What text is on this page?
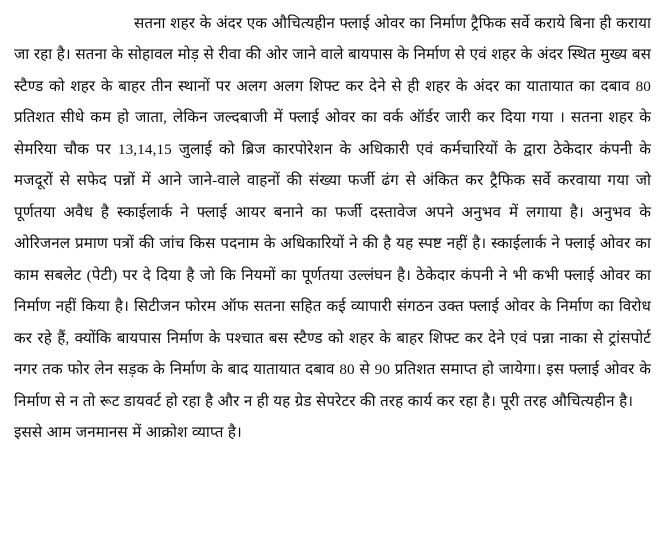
सतना शहर के अंदर एक औचित्यहीन फ्लाई ओवर का निर्माण ट्रैफिक सर्वे कराये बिना ही कराया जा रहा है। सतना के सोहावल मोड़ से रीवा की ओर जाने वाले बायपास के निर्माण से एवं शहर के अंदर स्थित मुख्य बस स्टैण्ड को शहर के बाहर तीन स्थानों पर अलग अलग शिफ्ट कर देने से ही शहर के अंदर का यातायात का दबाव 80 प्रतिशत सीधे कम हो जाता, लेकिन जल्दबाजी में फ्लाई ओवर का वर्क ऑर्डर जारी कर दिया गया । सतना शहर के सेमरिया चौक पर 13,14,15 जुलाई को ब्रिज कारपोरेशन के अधिकारी एवं कर्मचारियों के द्वारा ठेकेदार कंपनी के मजदूरों से सफेद पन्नों में आने जाने-वाले वाहनों की संख्या फर्जी ढंग से अंकित कर ट्रैफिक सर्वे करवाया गया जो पूर्णतया अवैध है स्काईलार्क ने फ्लाई आयर बनाने का फर्जी दस्तावेज अपने अनुभव में लगाया है। अनुभव के ओरिजनल प्रमाण पत्रों की जांच किस पदनाम के अधिकारियों ने की है यह स्पष्ट नहीं है। स्काईलार्क ने फ्लाई ओवर का काम सबलेट (पेटी) पर दे दिया है जो कि नियमों का पूर्णतया उल्लंघन है। ठेकेदार कंपनी ने भी कभी फ्लाई ओवर का निर्माण नहीं किया है। सिटीजन फोरम ऑफ सतना सहित कई व्यापारी संगठन उक्त फ्लाई ओवर के निर्माण का विरोध कर रहे हैं, क्योंकि बायपास निर्माण के पश्चात बस स्टैण्ड को शहर के बाहर शिफ्ट कर देने एवं पन्ना नाका से ट्रांसपोर्ट नगर तक फोर लेन सड़क के निर्माण के बाद यातायात दबाव 80 से 90 प्रतिशत समाप्त हो जायेगा। इस फ्लाई ओवर के निर्माण से न तो रूट डायवर्ट हो रहा है और न ही यह ग्रेड सेपरेटर की तरह कार्य कर रहा है। पूरी तरह औचित्यहीन है।

इससे आम जनमानस में आक्रोश व्याप्त है।
